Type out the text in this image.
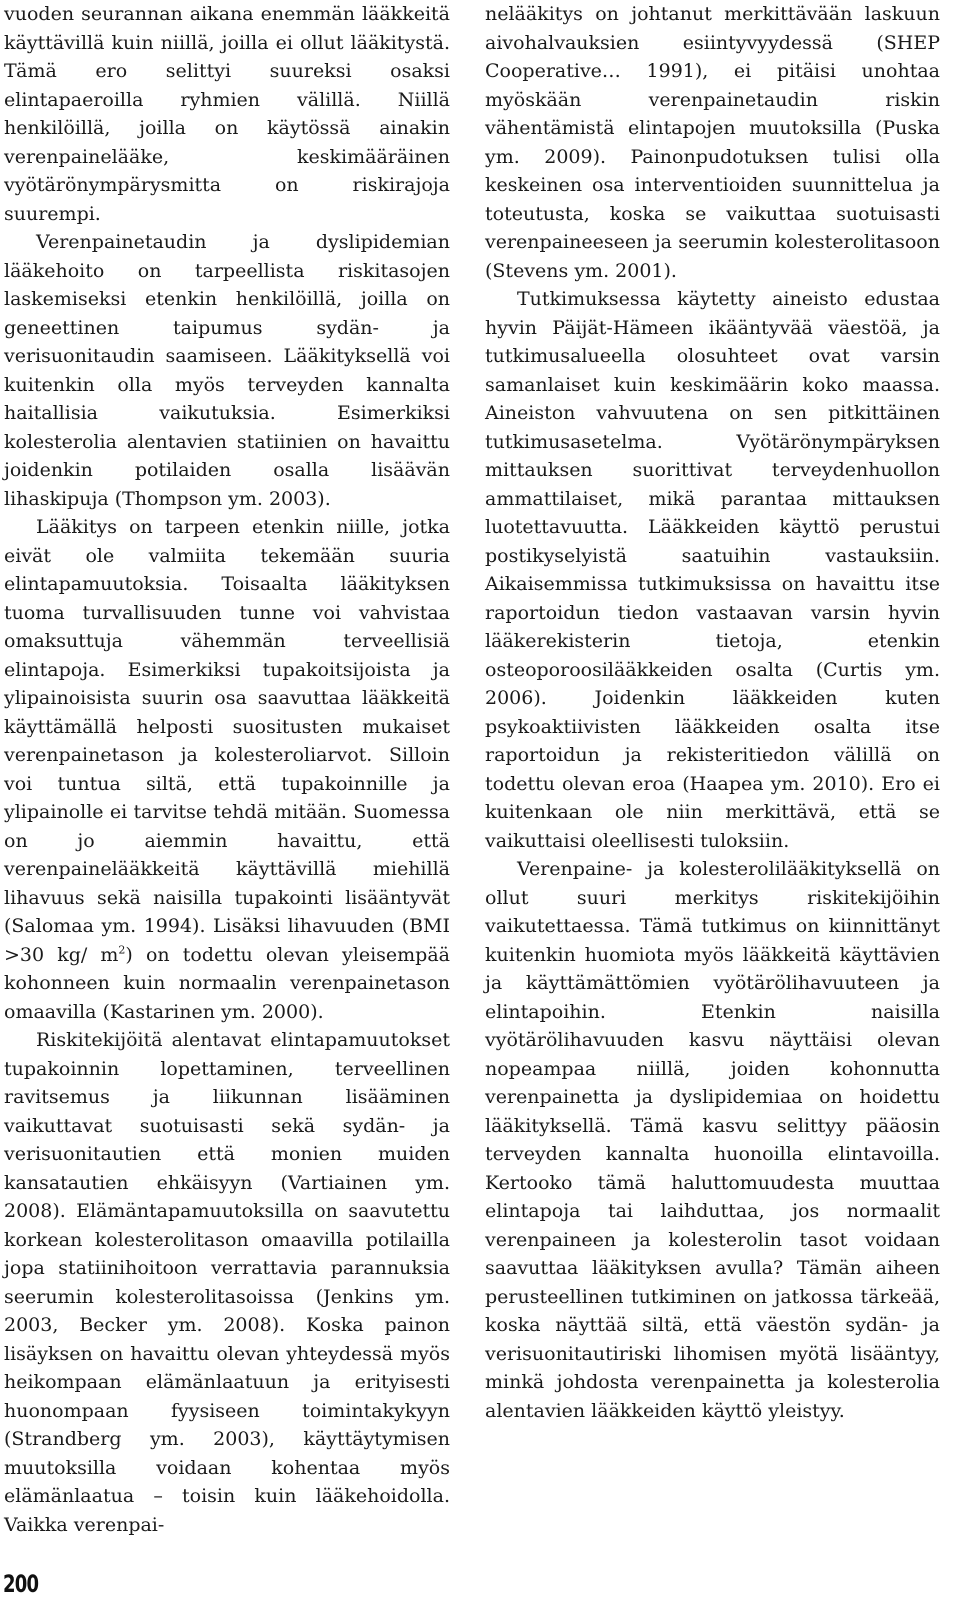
vuoden seurannan aikana enemmän lääkkeitä käyttävillä kuin niillä, joilla ei ollut lääkitystä. Tämä ero selittyi suureksi osaksi elintapaeroilla ryhmien välillä. Niillä henkilöillä, joilla on käytössä ainakin verenpainelääke, keskimääräinen vyötärönympärysmitta on riskirajoja suurempi.

Verenpainetaudin ja dyslipidemian lääkehoito on tarpeellista riskitasojen laskemiseksi etenkin henkilöillä, joilla on geneettinen taipumus sydän- ja verisuonitaudin saamiseen. Lääkityksellä voi kuitenkin olla myös terveyden kannalta haitallisia vaikutuksia. Esimerkiksi kolesterolia alentavien statiinien on havaittu joidenkin potilaiden osalla lisäävän lihaskipuja (Thompson ym. 2003).

Lääkitys on tarpeen etenkin niille, jotka eivät ole valmiita tekemään suuria elintapamuutoksia. Toisaalta lääkityksen tuoma turvallisuuden tunne voi vahvistaa omaksuttuja vähemmän terveellisiä elintapoja. Esimerkiksi tupakoitsijoista ja ylipainoisista suurin osa saavuttaa lääkkeitä käyttämällä helposti suositusten mukaiset verenpainetason ja kolesteroliarvot. Silloin voi tuntua siltä, että tupakoinnille ja ylipainolle ei tarvitse tehdä mitään. Suomessa on jo aiemmin havaittu, että verenpainelääkkeitä käyttävillä miehillä lihavuus sekä naisilla tupakointi lisääntyvät (Salomaa ym. 1994). Lisäksi lihavuuden (BMI >30 kg/ $m^2$) on todettu olevan yleisempää kohonneen kuin normaalin verenpainetason omaavilla (Kastarinen ym. 2000).

Riskitekijöitä alentavat elintapamuutokset tupakoinnin lopettaminen, terveellinen ravitsemus ja liikunnan lisääminen vaikuttavat suotuisasti sekä sydän- ja verisuonitautien että monien muiden kansatautien ehkäisyyn (Vartiainen ym. 2008). Elämäntapamuutoksilla on saavutettu korkean kolesterolitason omaavilla potilailla jopa statiinihoitoon verrattavia parannuksia seerumin kolesterolitasoissa (Jenkins ym. 2003, Becker ym. 2008). Koska painon lisäyksen on havaittu olevan yhteydessä myös heikompaan elämänlaatuun ja erityisesti huonompaan fyysiseen toimintakykyyn (Strandberg ym. 2003), käyttäytymisen muutoksilla voidaan kohentaa myös elämänlaatua – toisin kuin lääkehoidolla. Vaikka verenpai-

nelääkitys on johtanut merkittävään laskuun aivohalvauksien esiintyvyydessä (SHEP Cooperative… 1991), ei pitäisi unohtaa myöskään verenpainetaudin riskin vähentämistä elintapojen muutoksilla (Puska ym. 2009). Painonpudotuksen tulisi olla keskeinen osa interventioiden suunnittelua ja toteutusta, koska se vaikuttaa suotuisasti verenpaineeseen ja seerumin kolesterolitasoon (Stevens ym. 2001).

Tutkimuksessa käytetty aineisto edustaa hyvin Päijät-Hämeen ikääntyvää väestöä, ja tutkimusalueella olosuhteet ovat varsin samanlaiset kuin keskimäärin koko maassa. Aineiston vahvuutena on sen pitkittäinen tutkimusasetelma. Vyötärönympäryksen mittauksen suorittivat terveydenhuollon ammattilaiset, mikä parantaa mittauksen luotettavuutta. Lääkkeiden käyttö perustui postikyselyistä saatuihin vastauksiin. Aikaisemmissa tutkimuksissa on havaittu itse raportoidun tiedon vastaavan varsin hyvin lääkerekisterin tietoja, etenkin osteoporoosilääkkeiden osalta (Curtis ym. 2006). Joidenkin lääkkeiden kuten psykoaktiivisten lääkkeiden osalta itse raportoidun ja rekisteritiedon välillä on todettu olevan eroa (Haapea ym. 2010). Ero ei kuitenkaan ole niin merkittävä, että se vaikuttaisi oleellisesti tuloksiin.

Verenpaine- ja kolesterolilääkityksellä on ollut suuri merkitys riskitekijöihin vaikutettaessa. Tämä tutkimus on kiinnittänyt kuitenkin huomiota myös lääkkeitä käyttävien ja käyttämättömien vyötärölihavuuteen ja elintapoihin. Etenkin naisilla vyötärölihavuuden kasvu näyttäisi olevan nopeampaa niillä, joiden kohonnutta verenpainetta ja dyslipidemiaa on hoidettu lääkityksellä. Tämä kasvu selittyy pääosin terveyden kannalta huonoilla elintavoilla. Kertooko tämä haluttomuudesta muuttaa elintapoja tai laihduttaa, jos normaalit verenpaineen ja kolesterolin tasot voidaan saavuttaa lääkityksen avulla? Tämän aiheen perusteellinen tutkiminen on jatkossa tärkeää, koska näyttää siltä, että väestön sydän- ja verisuonitautiriski lihomisen myötä lisääntyy, minkä johdosta verenpainetta ja kolesterolia alentavien lääkkeiden käyttö yleistyy.

200
